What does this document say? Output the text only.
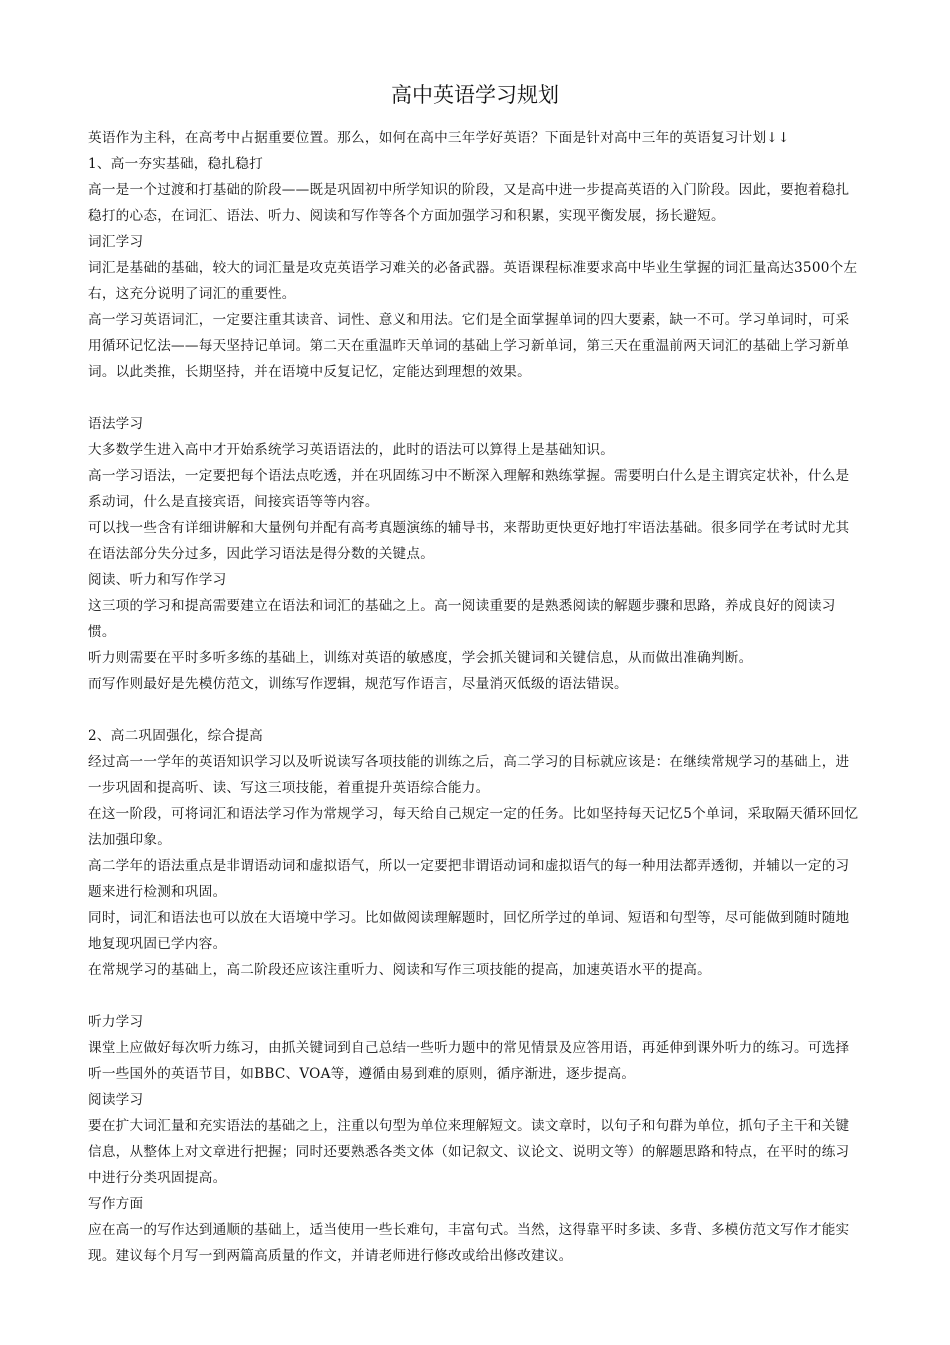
高中英语学习规划

英语作为主科，在高考中占据重要位置。那么，如何在高中三年学好英语？下面是针对高中三年的英语复习计划↓↓

1、高一夯实基础，稳扎稳打

高一是一个过渡和打基础的阶段——既是巩固初中所学知识的阶段，又是高中进一步提高英语的入门阶段。因此，要抱着稳扎稳打的心态，在词汇、语法、听力、阅读和写作等各个方面加强学习和积累，实现平衡发展，扬长避短。

词汇学习

词汇是基础的基础，较大的词汇量是攻克英语学习难关的必备武器。英语课程标准要求高中毕业生掌握的词汇量高达3500个左右，这充分说明了词汇的重要性。

高一学习英语词汇，一定要注重其读音、词性、意义和用法。它们是全面掌握单词的四大要素，缺一不可。学习单词时，可采用循环记忆法——每天坚持记单词。第二天在重温昨天单词的基础上学习新单词，第三天在重温前两天词汇的基础上学习新单词。以此类推，长期坚持，并在语境中反复记忆，定能达到理想的效果。

语法学习

大多数学生进入高中才开始系统学习英语语法的，此时的语法可以算得上是基础知识。

高一学习语法，一定要把每个语法点吃透，并在巩固练习中不断深入理解和熟练掌握。需要明白什么是主谓宾定状补，什么是系动词，什么是直接宾语，间接宾语等等内容。

可以找一些含有详细讲解和大量例句并配有高考真题演练的辅导书，来帮助更快更好地打牢语法基础。很多同学在考试时尤其在语法部分失分过多，因此学习语法是得分数的关键点。

阅读、听力和写作学习

这三项的学习和提高需要建立在语法和词汇的基础之上。高一阅读重要的是熟悉阅读的解题步骤和思路，养成良好的阅读习惯。

听力则需要在平时多听多练的基础上，训练对英语的敏感度，学会抓关键词和关键信息，从而做出准确判断。

而写作则最好是先模仿范文，训练写作逻辑，规范写作语言，尽量消灭低级的语法错误。

2、高二巩固强化，综合提高

经过高一一学年的英语知识学习以及听说读写各项技能的训练之后，高二学习的目标就应该是：在继续常规学习的基础上，进一步巩固和提高听、读、写这三项技能，着重提升英语综合能力。

在这一阶段，可将词汇和语法学习作为常规学习，每天给自己规定一定的任务。比如坚持每天记忆5个单词，采取隔天循环回忆法加强印象。

高二学年的语法重点是非谓语动词和虚拟语气，所以一定要把非谓语动词和虚拟语气的每一种用法都弄透彻，并辅以一定的习题来进行检测和巩固。

同时，词汇和语法也可以放在大语境中学习。比如做阅读理解题时，回忆所学过的单词、短语和句型等，尽可能做到随时随地地复现巩固已学内容。

在常规学习的基础上，高二阶段还应该注重听力、阅读和写作三项技能的提高，加速英语水平的提高。

听力学习

课堂上应做好每次听力练习，由抓关键词到自己总结一些听力题中的常见情景及应答用语，再延伸到课外听力的练习。可选择听一些国外的英语节目，如BBC、VOA等，遵循由易到难的原则，循序渐进，逐步提高。

阅读学习

要在扩大词汇量和充实语法的基础之上，注重以句型为单位来理解短文。读文章时，以句子和句群为单位，抓句子主干和关键信息，从整体上对文章进行把握；同时还要熟悉各类文体（如记叙文、议论文、说明文等）的解题思路和特点，在平时的练习中进行分类巩固提高。

写作方面

应在高一的写作达到通顺的基础上，适当使用一些长难句，丰富句式。当然，这得靠平时多读、多背、多模仿范文写作才能实现。建议每个月写一到两篇高质量的作文，并请老师进行修改或给出修改建议。
